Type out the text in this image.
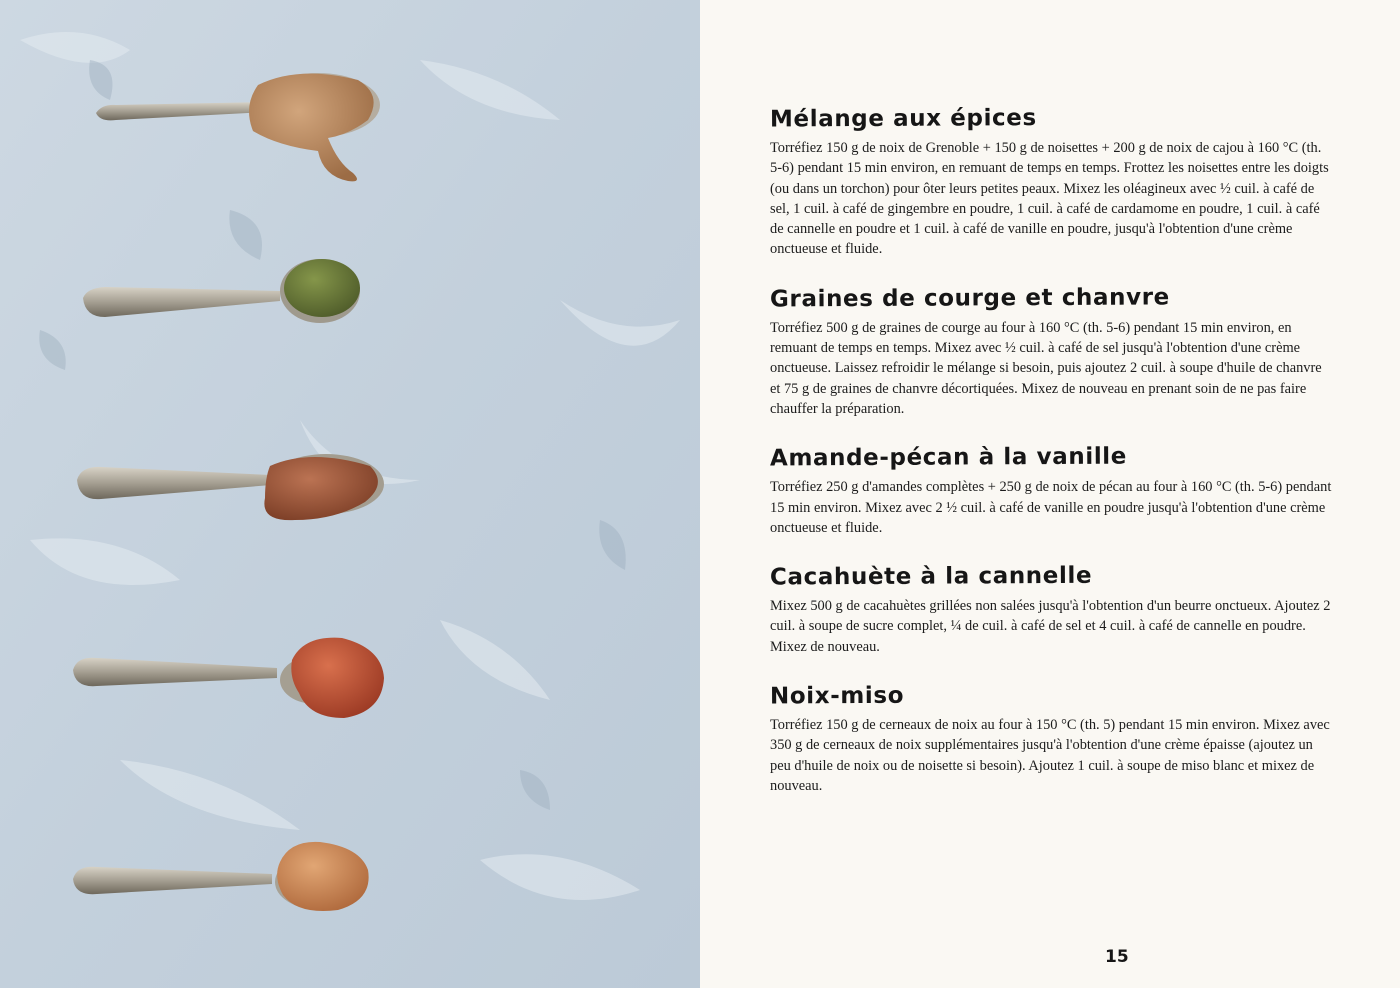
Mélange aux épices

Torréfiez 150 g de noix de Grenoble + 150 g de noisettes + 200 g de noix de cajou à 160 °C (th. 5-6) pendant 15 min environ, en remuant de temps en temps. Frottez les noisettes entre les doigts (ou dans un torchon) pour ôter leurs petites peaux. Mixez les oléagineux avec ½ cuil. à café de sel, 1 cuil. à café de gingembre en poudre, 1 cuil. à café de cardamome en poudre, 1 cuil. à café de cannelle en poudre et 1 cuil. à café de vanille en poudre, jusqu'à l'obtention d'une crème onctueuse et fluide.

Graines de courge et chanvre

Torréfiez 500 g de graines de courge au four à 160 °C (th. 5-6) pendant 15 min environ, en remuant de temps en temps. Mixez avec ½ cuil. à café de sel jusqu'à l'obtention d'une crème onctueuse. Laissez refroidir le mélange si besoin, puis ajoutez 2 cuil. à soupe d'huile de chanvre et 75 g de graines de chanvre décortiquées. Mixez de nouveau en prenant soin de ne pas faire chauffer la préparation.

Amande-pécan à la vanille

Torréfiez 250 g d'amandes complètes + 250 g de noix de pécan au four à 160 °C (th. 5-6) pendant 15 min environ. Mixez avec 2 ½ cuil. à café de vanille en poudre jusqu'à l'obtention d'une crème onctueuse et fluide.

Cacahuète à la cannelle

Mixez 500 g de cacahuètes grillées non salées jusqu'à l'obtention d'un beurre onctueux. Ajoutez 2 cuil. à soupe de sucre complet, ¼ de cuil. à café de sel et 4 cuil. à café de cannelle en poudre. Mixez de nouveau.

Noix-miso

Torréfiez 150 g de cerneaux de noix au four à 150 °C (th. 5) pendant 15 min environ. Mixez avec 350 g de cerneaux de noix supplémentaires jusqu'à l'obtention d'une crème épaisse (ajoutez un peu d'huile de noix ou de noisette si besoin). Ajoutez 1 cuil. à soupe de miso blanc et mixez de nouveau.

15
